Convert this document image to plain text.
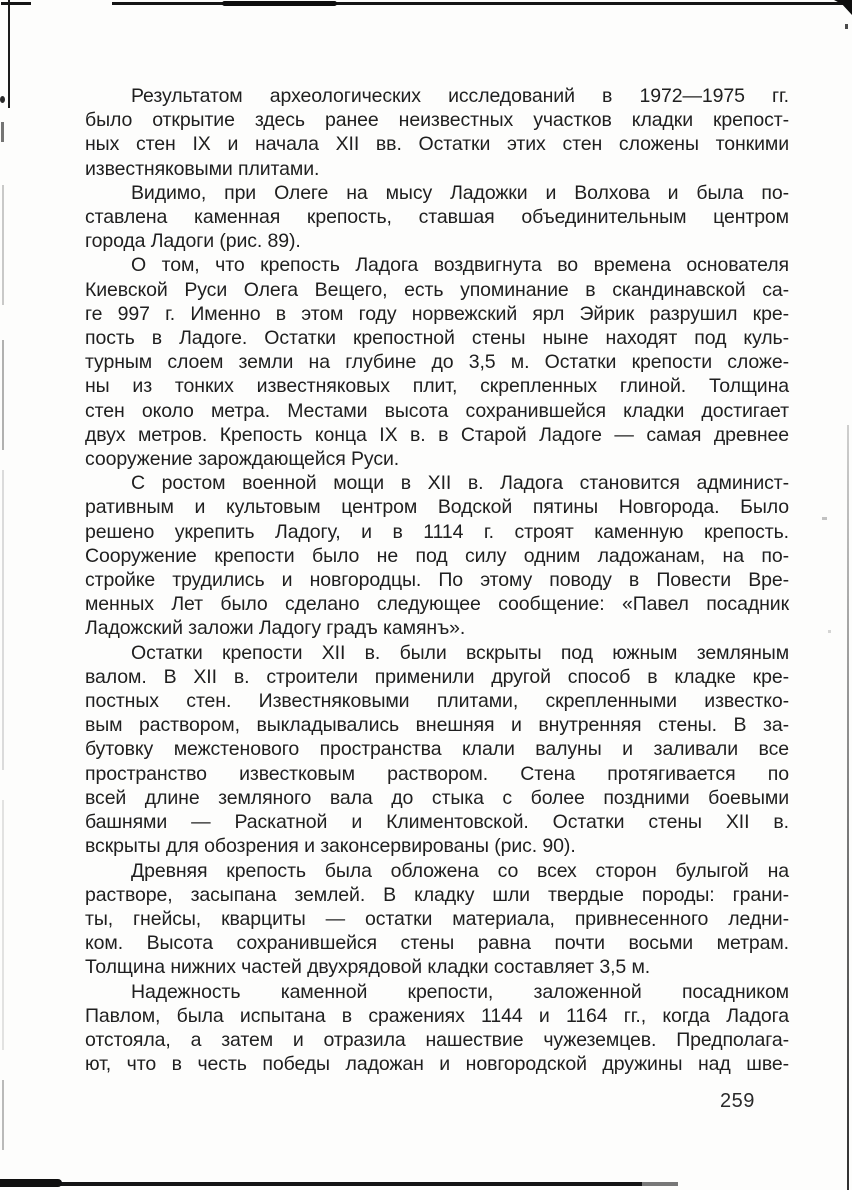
Результатом археологических исследований в 1972—1975 гг.
было открытие здесь ранее неизвестных участков кладки крепост-
ных стен IX и начала XII вв. Остатки этих стен сложены тонкими
известняковыми плитами.

Видимо, при Олеге на мысу Ладожки и Волхова и была по-
ставлена каменная крепость, ставшая объединительным центром
города Ладоги (рис. 89).

О том, что крепость Ладога воздвигнута во времена основателя
Киевской Руси Олега Вещего, есть упоминание в скандинавской са-
ге 997 г. Именно в этом году норвежский ярл Эйрик разрушил кре-
пость в Ладоге. Остатки крепостной стены ныне находят под куль-
турным слоем земли на глубине до 3,5 м. Остатки крепости сложе-
ны из тонких известняковых плит, скрепленных глиной. Толщина
стен около метра. Местами высота сохранившейся кладки достигает
двух метров. Крепость конца IX в. в Старой Ладоге — самая древнее
сооружение зарождающейся Руси.

С ростом военной мощи в XII в. Ладога становится админист-
ративным и культовым центром Водской пятины Новгорода. Было
решено укрепить Ладогу, и в 1114 г. строят каменную крепость.
Сооружение крепости было не под силу одним ладожанам, на по-
стройке трудились и новгородцы. По этому поводу в Повести Вре-
менных Лет было сделано следующее сообщение: «Павел посадник
Ладожский заложи Ладогу градъ камянъ».

Остатки крепости XII в. были вскрыты под южным земляным
валом. В XII в. строители применили другой способ в кладке кре-
постных стен. Известняковыми плитами, скрепленными известко-
вым раствором, выкладывались внешняя и внутренняя стены. В за-
бутовку межстенового пространства клали валуны и заливали все
пространство известковым раствором. Стена протягивается по
всей длине земляного вала до стыка с более поздними боевыми
башнями — Раскатной и Климентовской. Остатки стены XII в.
вскрыты для обозрения и законсервированы (рис. 90).

Древняя крепость была обложена со всех сторон булыгой на
растворе, засыпана землей. В кладку шли твердые породы: грани-
ты, гнейсы, кварциты — остатки материала, привнесенного ледни-
ком. Высота сохранившейся стены равна почти восьми метрам.
Толщина нижних частей двухрядовой кладки составляет 3,5 м.

Надежность каменной крепости, заложенной посадником
Павлом, была испытана в сражениях 1144 и 1164 гг., когда Ладога
отстояла, а затем и отразила нашествие чужеземцев. Предполага-
ют, что в честь победы ладожан и новгородской дружины над шве-

259
